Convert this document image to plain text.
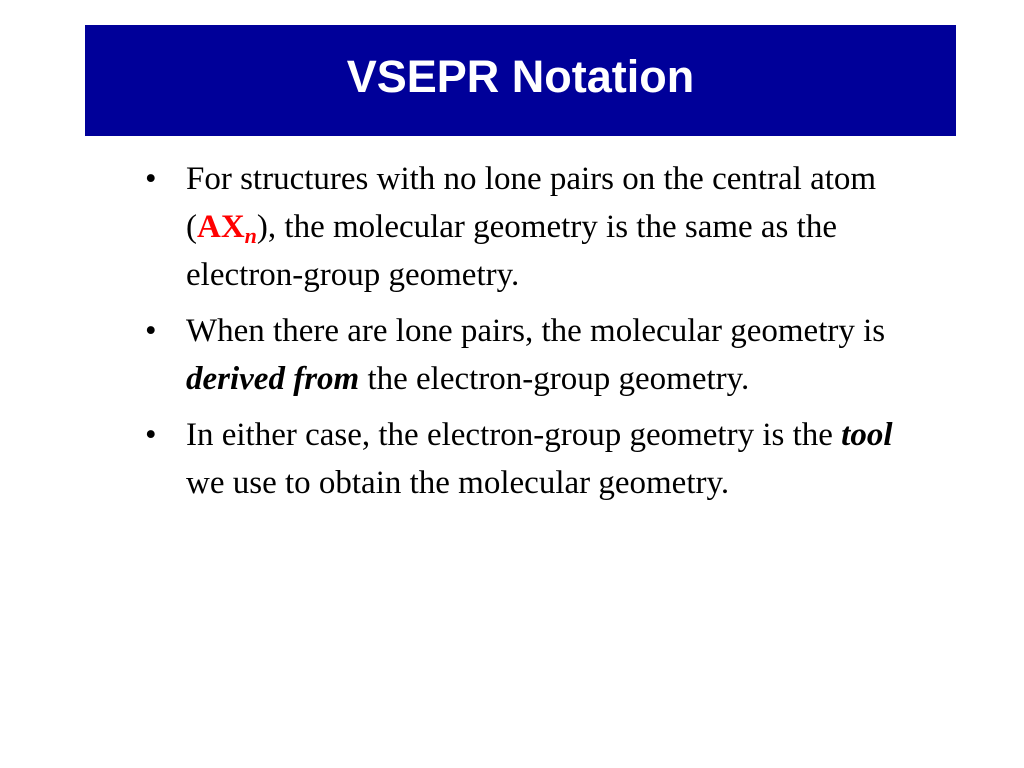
VSEPR Notation
• For structures with no lone pairs on the central atom (AXn), the molecular geometry is the same as the electron-group geometry.
• When there are lone pairs, the molecular geometry is derived from the electron-group geometry.
• In either case, the electron-group geometry is the tool we use to obtain the molecular geometry.
